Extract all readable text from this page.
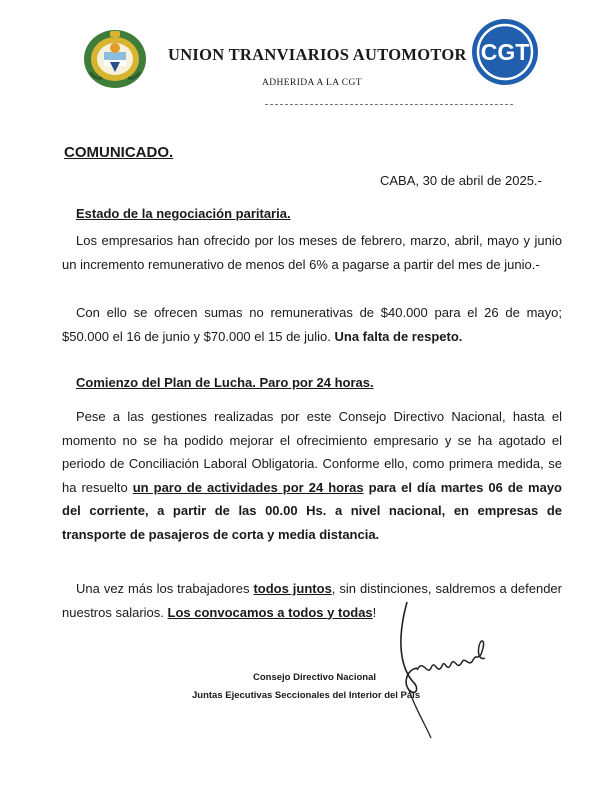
UNION TRANVIARIOS AUTOMOTOR
ADHERIDA A LA CGT
CGT
COMUNICADO.
CABA, 30 de abril de 2025.-
Estado de la negociación paritaria.

Los empresarios han ofrecido por los meses de febrero, marzo, abril, mayo y junio un incremento remunerativo de menos del 6% a pagarse a partir del mes de junio.-

Con ello se ofrecen sumas no remunerativas de $40.000 para el 26 de mayo; $50.000 el 16 de junio y $70.000 el 15 de julio. Una falta de respeto.

Comienzo del Plan de Lucha. Paro por 24 horas.

Pese a las gestiones realizadas por este Consejo Directivo Nacional, hasta el momento no se ha podido mejorar el ofrecimiento empresario y se ha agotado el periodo de Conciliación Laboral Obligatoria. Conforme ello, como primera medida, se ha resuelto un paro de actividades por 24 horas para el día martes 06 de mayo del corriente, a partir de las 00.00 Hs. a nivel nacional, en empresas de transporte de pasajeros de corta y media distancia.

Una vez más los trabajadores todos juntos, sin distinciones, saldremos a defender nuestros salarios. Los convocamos a todos y todas!

Consejo Directivo Nacional
Juntas Ejecutivas Seccionales del Interior del País
